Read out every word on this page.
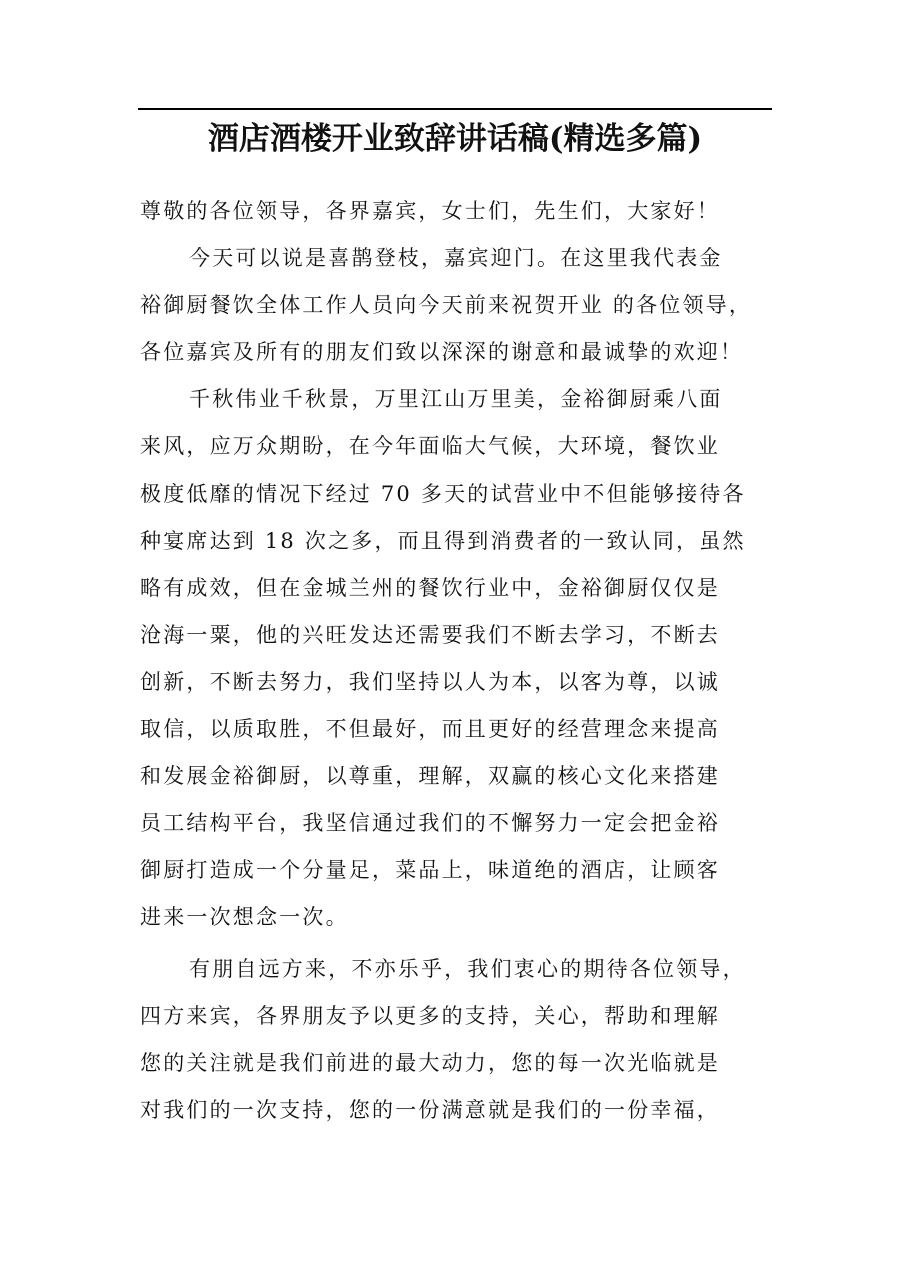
酒店酒楼开业致辞讲话稿(精选多篇)
尊敬的各位领导，各界嘉宾，女士们，先生们，大家好！
今天可以说是喜鹊登枝，嘉宾迎门。在这里我代表金
裕御厨餐饮全体工作人员向今天前来祝贺开业 的各位领导，
各位嘉宾及所有的朋友们致以深深的谢意和最诚挚的欢迎！
千秋伟业千秋景，万里江山万里美，金裕御厨乘八面
来风，应万众期盼，在今年面临大气候，大环境，餐饮业
极度低靡的情况下经过 70 多天的试营业中不但能够接待各
种宴席达到 18 次之多，而且得到消费者的一致认同，虽然
略有成效，但在金城兰州的餐饮行业中，金裕御厨仅仅是
沧海一粟，他的兴旺发达还需要我们不断去学习，不断去
创新，不断去努力，我们坚持以人为本，以客为尊，以诚
取信，以质取胜，不但最好，而且更好的经营理念来提高
和发展金裕御厨，以尊重，理解，双赢的核心文化来搭建
员工结构平台，我坚信通过我们的不懈努力一定会把金裕
御厨打造成一个分量足，菜品上，味道绝的酒店，让顾客
进来一次想念一次。
有朋自远方来，不亦乐乎，我们衷心的期待各位领导，
四方来宾，各界朋友予以更多的支持，关心，帮助和理解
您的关注就是我们前进的最大动力，您的每一次光临就是
对我们的一次支持，您的一份满意就是我们的一份幸福，
